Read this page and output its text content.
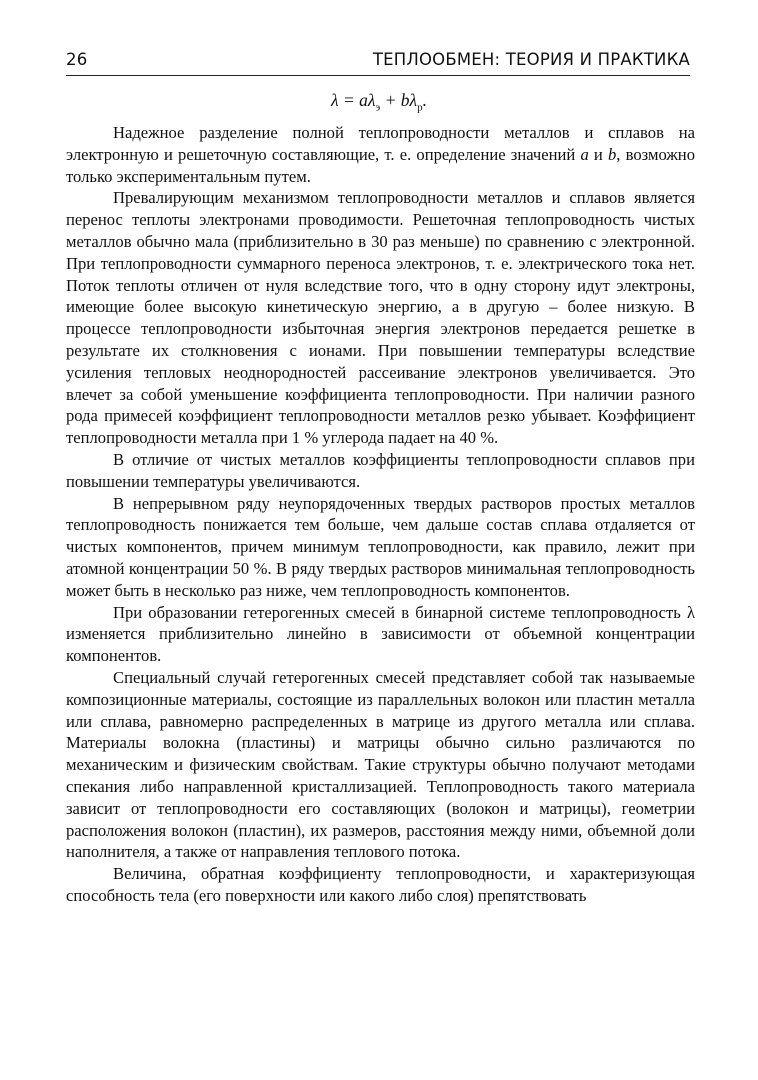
26	ТЕПЛООБМЕН: ТЕОРИЯ И ПРАКТИКА
$\lambda = a\lambda_э + b\lambda_р$.

Надежное разделение полной теплопроводности металлов и сплавов на электронную и решеточную составляющие, т. е. определение значений a и b, возможно только экспериментальным путем.

Превалирующим механизмом теплопроводности металлов и сплавов является перенос теплоты электронами проводимости. Решеточная теплопроводность чистых металлов обычно мала (приблизительно в 30 раз меньше) по сравнению с электронной. При теплопроводности суммарного переноса электронов, т. е. электрического тока нет. Поток теплоты отличен от нуля вследствие того, что в одну сторону идут электроны, имеющие более высокую кинетическую энергию, а в другую – более низкую. В процессе теплопроводности избыточная энергия электронов передается решетке в результате их столкновения с ионами. При повышении температуры вследствие усиления тепловых неоднородностей рассеивание электронов увеличивается. Это влечет за собой уменьшение коэффициента теплопроводности. При наличии разного рода примесей коэффициент теплопроводности металлов резко убывает. Коэффициент теплопроводности металла при 1 % углерода падает на 40 %.

В отличие от чистых металлов коэффициенты теплопроводности сплавов при повышении температуры увеличиваются.

В непрерывном ряду неупорядоченных твердых растворов простых металлов теплопроводность понижается тем больше, чем дальше состав сплава отдаляется от чистых компонентов, причем минимум теплопроводности, как правило, лежит при атомной концентрации 50 %. В ряду твердых растворов минимальная теплопроводность может быть в несколько раз ниже, чем теплопроводность компонентов.

При образовании гетерогенных смесей в бинарной системе теплопроводность λ изменяется приблизительно линейно в зависимости от объемной концентрации компонентов.

Специальный случай гетерогенных смесей представляет собой так называемые композиционные материалы, состоящие из параллельных волокон или пластин металла или сплава, равномерно распределенных в матрице из другого металла или сплава. Материалы волокна (пластины) и матрицы обычно сильно различаются по механическим и физическим свойствам. Такие структуры обычно получают методами спекания либо направленной кристаллизацией. Теплопроводность такого материала зависит от теплопроводности его составляющих (волокон и матрицы), геометрии расположения волокон (пластин), их размеров, расстояния между ними, объемной доли наполнителя, а также от направления теплового потока.

Величина, обратная коэффициенту теплопроводности, и характеризующая способность тела (его поверхности или какого либо слоя) препятствовать
